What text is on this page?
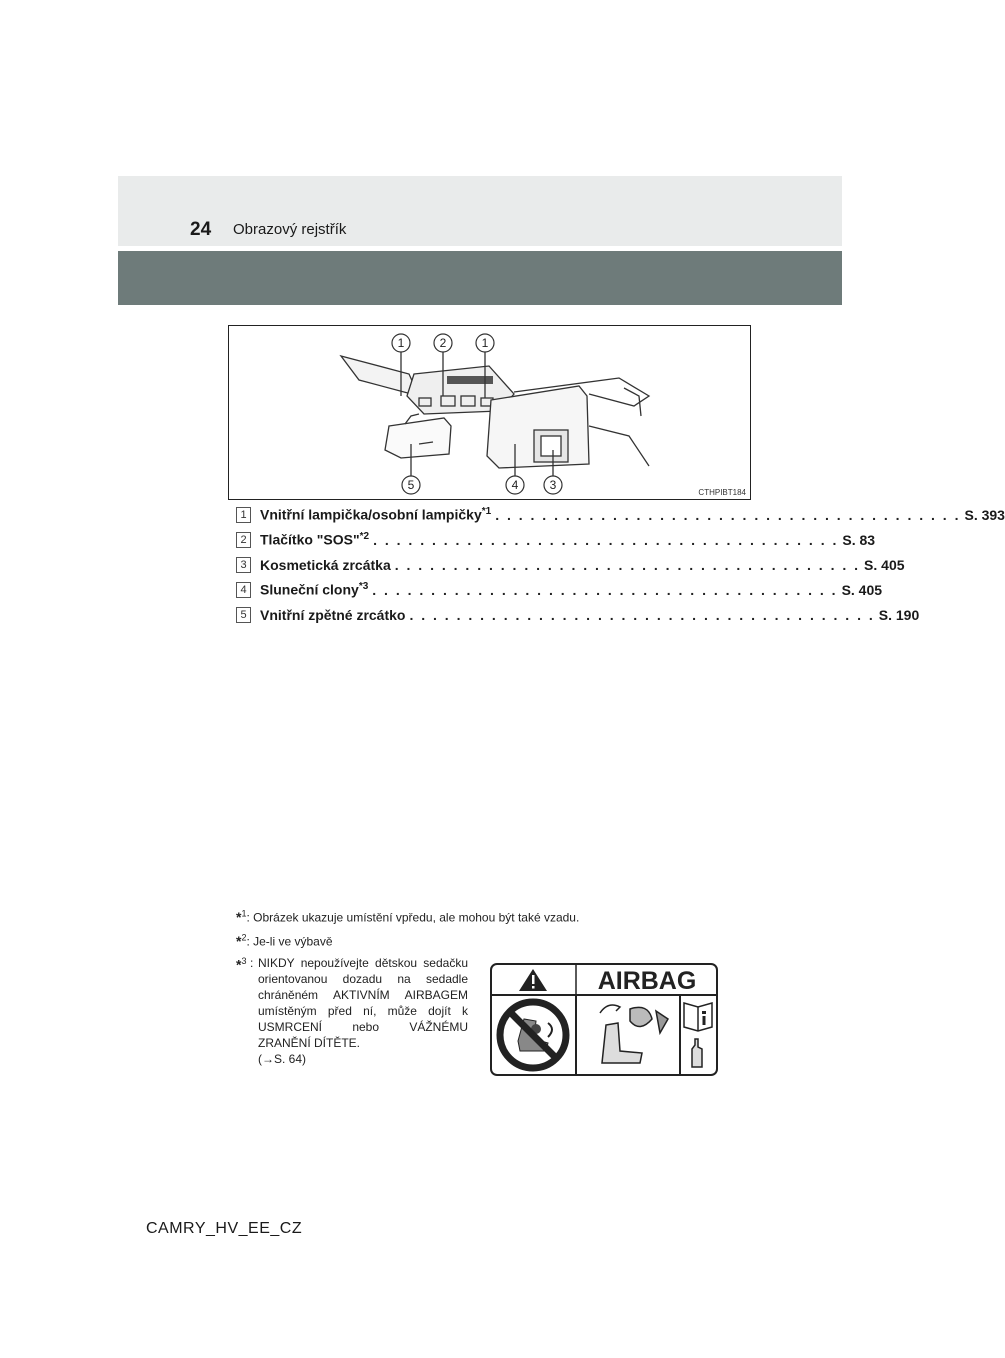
24 Obrazový rejstřík
1	2	1
5	4	3
CTHPIBT184
1 Vnitřní lampička/osobní lampičky$^{*1}$ . . . . . . . . . . . . . . . . . . . . . . . . . . . . . . . . . . . . . . . . S. 393
2 Tlačítko "SOS"$^{*2}$ . . . . . . . . . . . . . . . . . . . . . . . . . . . . . . . . . . . . . . . . S. 83
3 Kosmetická zrcátka . . . . . . . . . . . . . . . . . . . . . . . . . . . . . . . . . . . . . . . . S. 405
4 Sluneční clony$^{*3}$ . . . . . . . . . . . . . . . . . . . . . . . . . . . . . . . . . . . . . . . . S. 405
5 Vnitřní zpětné zrcátko . . . . . . . . . . . . . . . . . . . . . . . . . . . . . . . . . . . . . . . . S. 190
*$^1$: Obrázek ukazuje umístění vpředu, ale mohou být také vzadu.
*$^2$: Je-li ve výbavě
*$^3$ : NIKDY nepoužívejte dětskou sedačku orientovanou dozadu na sedadle chráněném AKTIVNÍM AIRBAGEM umístěným před ní, může dojít k USMRCENÍ nebo VÁŽNÉMU ZRANĚNÍ DÍTĚTE.
(→S. 64)
AIRBAG
CAMRY_HV_EE_CZ
